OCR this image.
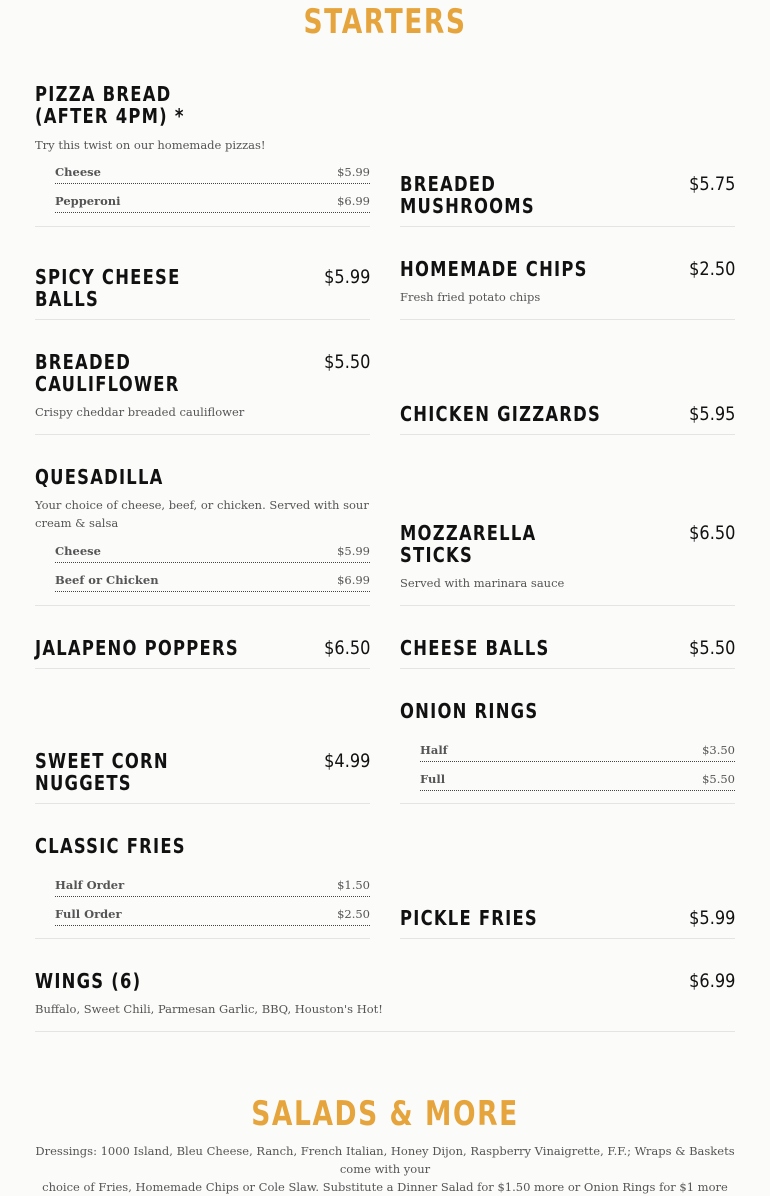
STARTERS
PIZZA BREAD
(AFTER 4PM) *
Try this twist on our homemade pizzas!
Cheese	$5.99
Pepperoni	$6.99
SPICY CHEESE
BALLS
$5.99
BREADED
CAULIFLOWER
$5.50
Crispy cheddar breaded cauliflower
QUESADILLA
Your choice of cheese, beef, or chicken. Served with sour
cream & salsa
Cheese	$5.99
Beef or Chicken	$6.99
JALAPENO POPPERS	$6.50
SWEET CORN
NUGGETS
$4.99
CLASSIC FRIES
Half Order	$1.50
Full Order	$2.50
BREADED
MUSHROOMS
$5.75
HOMEMADE CHIPS	$2.50
Fresh fried potato chips
CHICKEN GIZZARDS	$5.95
MOZZARELLA
STICKS
$6.50
Served with marinara sauce
CHEESE BALLS	$5.50
ONION RINGS
Half	$3.50
Full	$5.50
PICKLE FRIES	$5.99
WINGS (6)	$6.99
Buffalo, Sweet Chili, Parmesan Garlic, BBQ, Houston's Hot!
SALADS & MORE
Dressings: 1000 Island, Bleu Cheese, Ranch, French Italian, Honey Dijon, Raspberry Vinaigrette, F.F.; Wraps & Baskets come with your
choice of Fries, Homemade Chips or Cole Slaw. Substitute a Dinner Salad for $1.50 more or Onion Rings for $1 more
